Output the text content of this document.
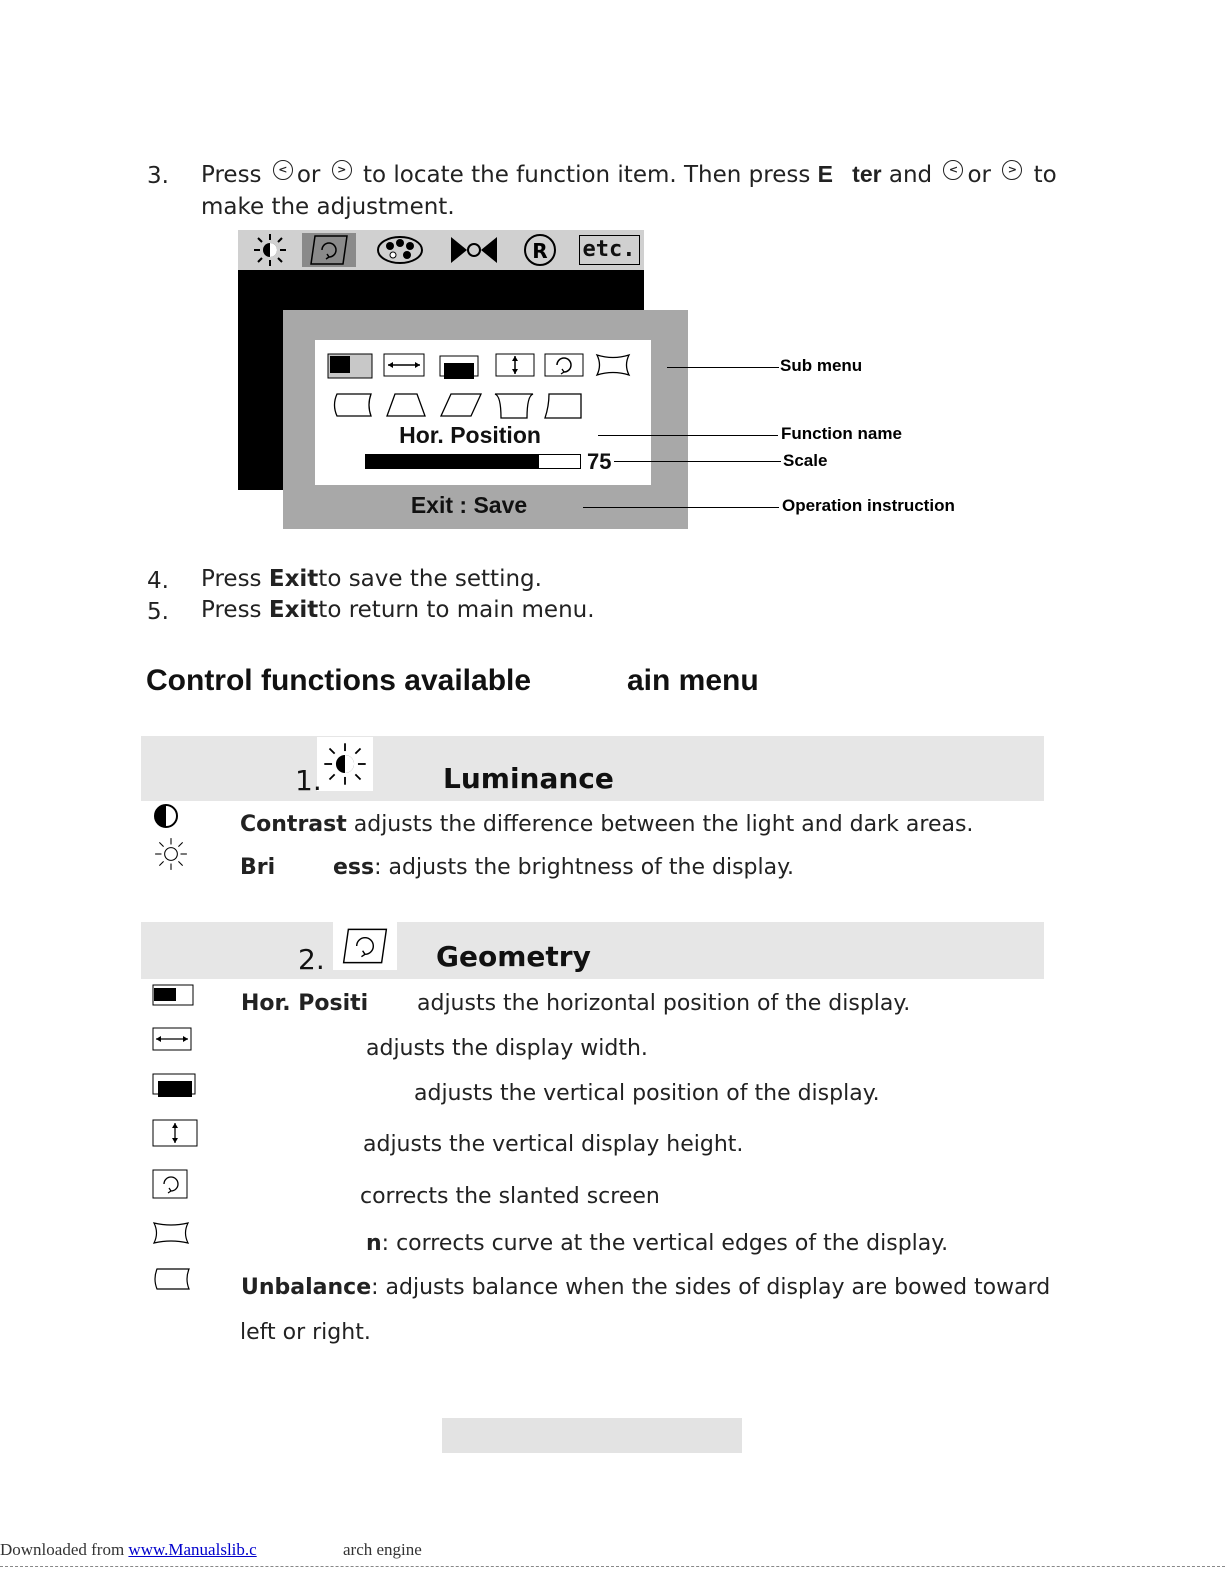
3. Press < or > to locate the function item. Then press E   ter and < or > to
make the adjustment.
R etc.
Hor. Position
75
Exit : Save
Sub menu
Function name
Scale
Operation instruction
4. Press Exitto save the setting.
5. Press Exitto return to main menu.
Control functions available	ain menu
1.	Luminance
Contrast adjusts the difference between the light and dark areas.
Bri	ess: adjusts the brightness of the display.
2.	Geometry
Hor. Positi adjusts the horizontal position of the display.
adjusts the display width.
adjusts the vertical position of the display.
adjusts the vertical display height.
corrects the slanted screen
n: corrects curve at the vertical edges of the display.
Unbalance: adjusts balance when the sides of display are bowed toward
left or right.
Downloaded from www.Manualslib.c	arch engine
